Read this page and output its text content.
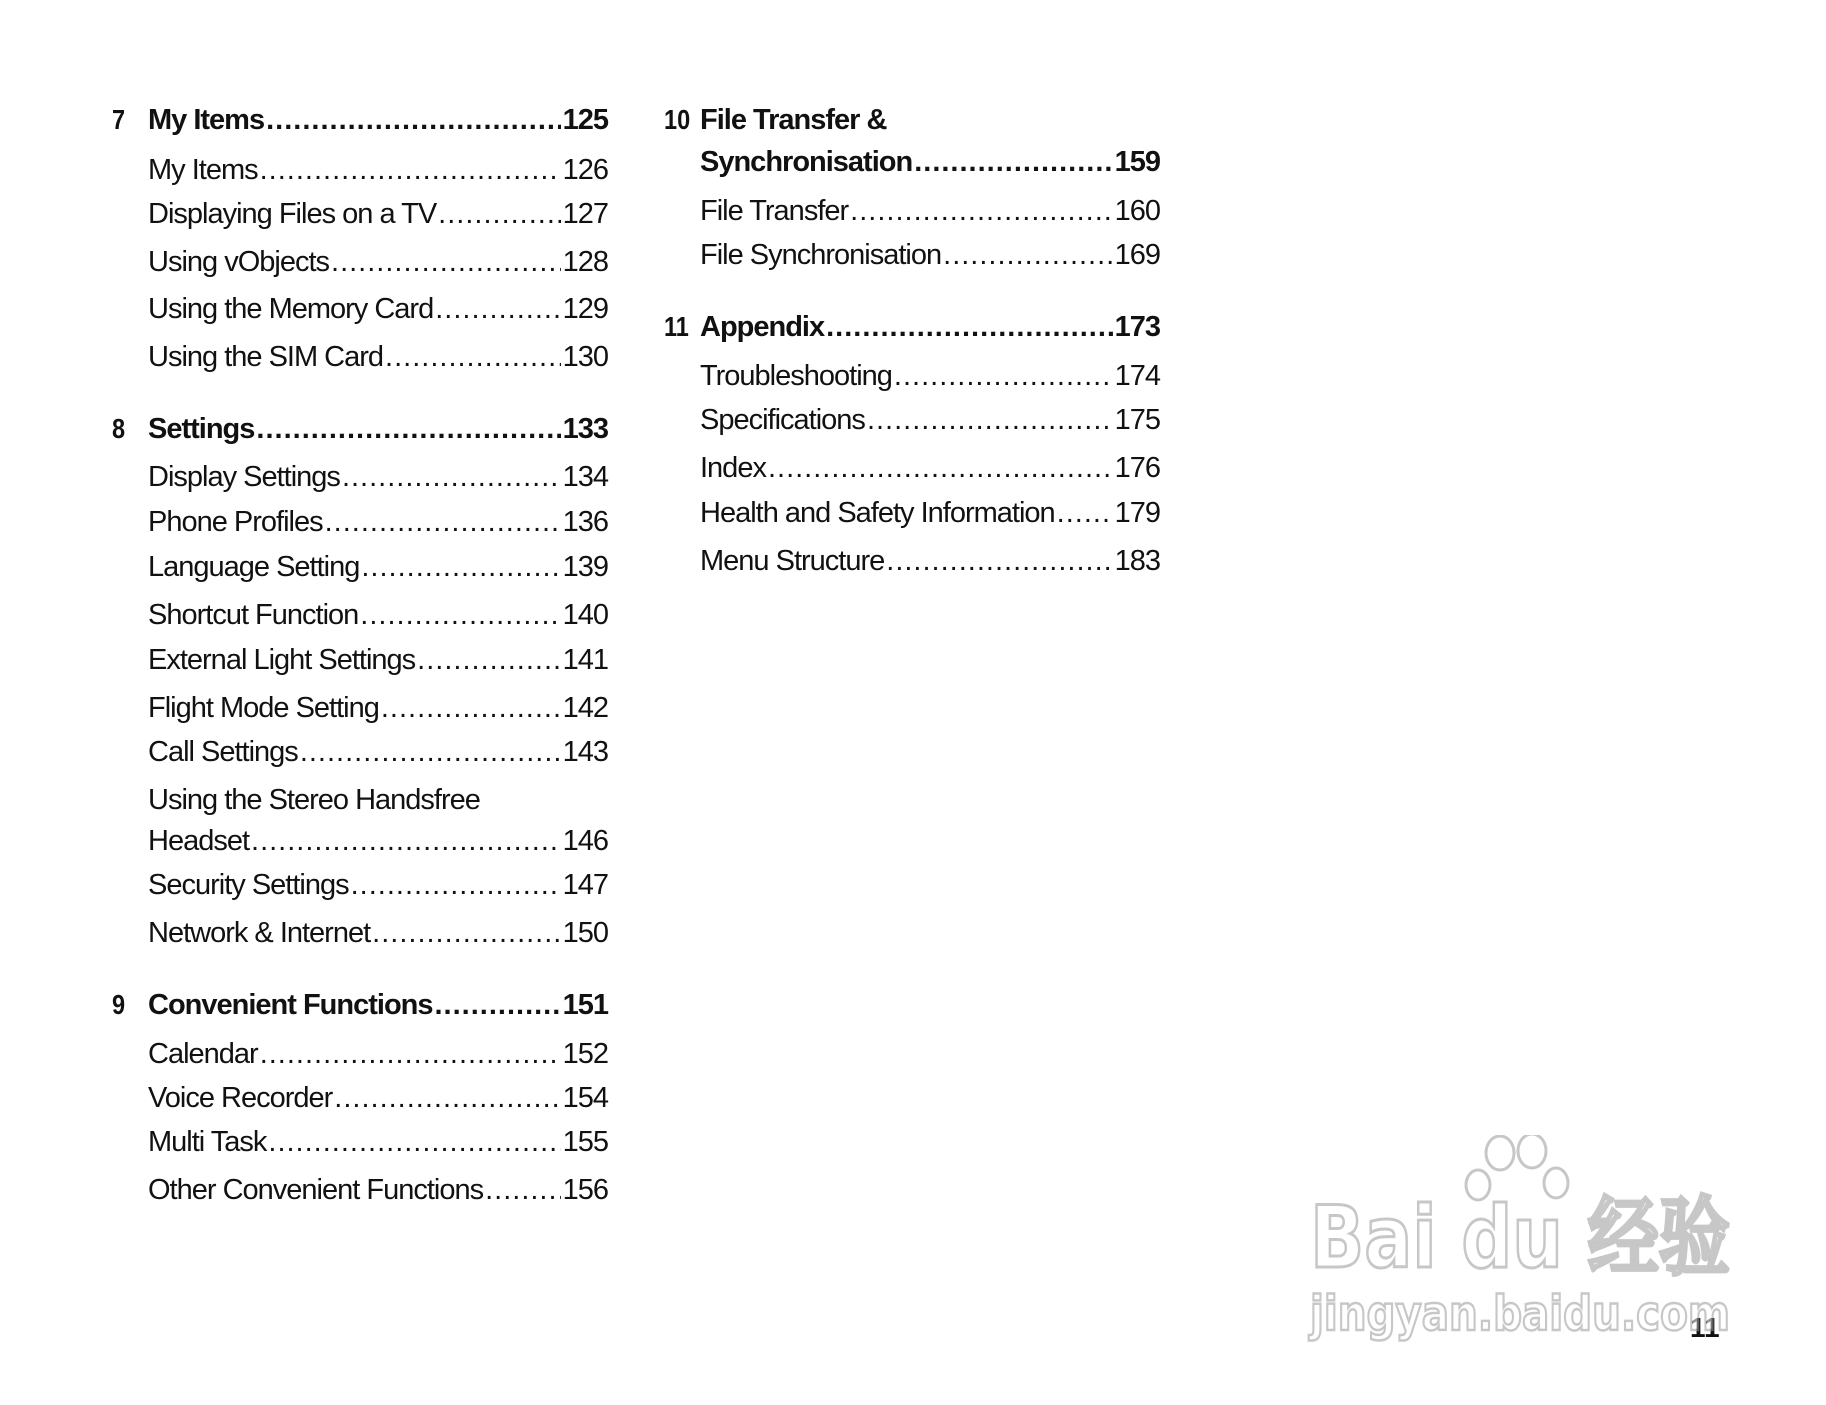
7 My Items .....	125
My Items .....	126
Displaying Files on a TV .....	127
Using vObjects .....	128
Using the Memory Card .....	129
Using the SIM Card .....	130
8 Settings .....	133
Display Settings .....	134
Phone Profiles .....	136
Language Setting .....	139
Shortcut Function .....	140
External Light Settings .....	141
Flight Mode Setting .....	142
Call Settings .....	143
Using the Stereo Handsfree
Headset .....	146
Security Settings .....	147
Network & Internet .....	150
9 Convenient Functions .....	151
Calendar .....	152
Voice Recorder .....	154
Multi Task .....	155
Other Convenient Functions .....	156
10 File Transfer &
Synchronisation .....	159
File Transfer .....	160
File Synchronisation .....	169
11 Appendix .....	173
Troubleshooting .....	174
Specifications .....	175
Index .....	176
Health and Safety Information ..... 179
Menu Structure .....	183
11
Bai du 经验
jingyan.baidu.com
